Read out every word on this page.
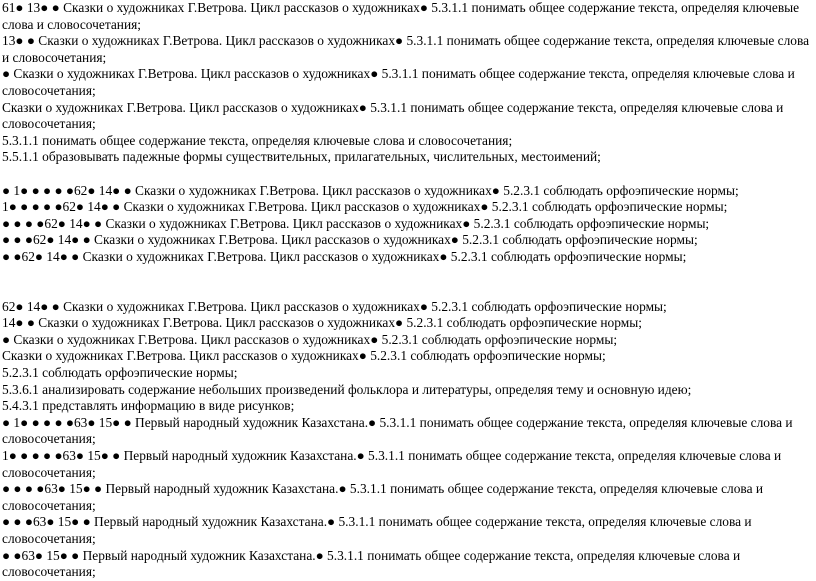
61● 13● ● Сказки о художниках Г.Ветрова. Цикл рассказов о художниках● 5.3.1.1 понимать общее содержание текста, определяя ключевые слова и словосочетания;
13● ● Сказки о художниках Г.Ветрова. Цикл рассказов о художниках● 5.3.1.1 понимать общее содержание текста, определяя ключевые слова и словосочетания;
● Сказки о художниках Г.Ветрова. Цикл рассказов о художниках● 5.3.1.1 понимать общее содержание текста, определяя ключевые слова и словосочетания;
Сказки о художниках Г.Ветрова. Цикл рассказов о художниках● 5.3.1.1 понимать общее содержание текста, определяя ключевые слова и словосочетания;
5.3.1.1 понимать общее содержание текста, определяя ключевые слова и словосочетания;
5.5.1.1 образовывать падежные формы существительных, прилагательных, числительных, местоимений;
● 1● ● ● ● ●62● 14● ● Сказки о художниках Г.Ветрова. Цикл рассказов о художниках● 5.2.3.1 соблюдать орфоэпические нормы;
1● ● ● ● ●62● 14● ● Сказки о художниках Г.Ветрова. Цикл рассказов о художниках● 5.2.3.1 соблюдать орфоэпические нормы;
● ● ● ●62● 14● ● Сказки о художниках Г.Ветрова. Цикл рассказов о художниках● 5.2.3.1 соблюдать орфоэпические нормы;
● ● ●62● 14● ● Сказки о художниках Г.Ветрова. Цикл рассказов о художниках● 5.2.3.1 соблюдать орфоэпические нормы;
● ●62● 14● ● Сказки о художниках Г.Ветрова. Цикл рассказов о художниках● 5.2.3.1 соблюдать орфоэпические нормы;
62● 14● ● Сказки о художниках Г.Ветрова. Цикл рассказов о художниках● 5.2.3.1 соблюдать орфоэпические нормы;
14● ● Сказки о художниках Г.Ветрова. Цикл рассказов о художниках● 5.2.3.1 соблюдать орфоэпические нормы;
● Сказки о художниках Г.Ветрова. Цикл рассказов о художниках● 5.2.3.1 соблюдать орфоэпические нормы;
Сказки о художниках Г.Ветрова. Цикл рассказов о художниках● 5.2.3.1 соблюдать орфоэпические нормы;
5.2.3.1 соблюдать орфоэпические нормы;
5.3.6.1 анализировать содержание небольших произведений фольклора и литературы, определяя тему и основную идею;
5.4.3.1 представлять информацию в виде рисунков;
● 1● ● ● ● ●63● 15● ● Первый народный художник Казахстана.● 5.3.1.1 понимать общее содержание текста, определяя ключевые слова и словосочетания;
1● ● ● ● ●63● 15● ● Первый народный художник Казахстана.● 5.3.1.1 понимать общее содержание текста, определяя ключевые слова и словосочетания;
● ● ● ●63● 15● ● Первый народный художник Казахстана.● 5.3.1.1 понимать общее содержание текста, определяя ключевые слова и словосочетания;
● ● ●63● 15● ● Первый народный художник Казахстана.● 5.3.1.1 понимать общее содержание текста, определяя ключевые слова и словосочетания;
● ●63● 15● ● Первый народный художник Казахстана.● 5.3.1.1 понимать общее содержание текста, определяя ключевые слова и словосочетания;
